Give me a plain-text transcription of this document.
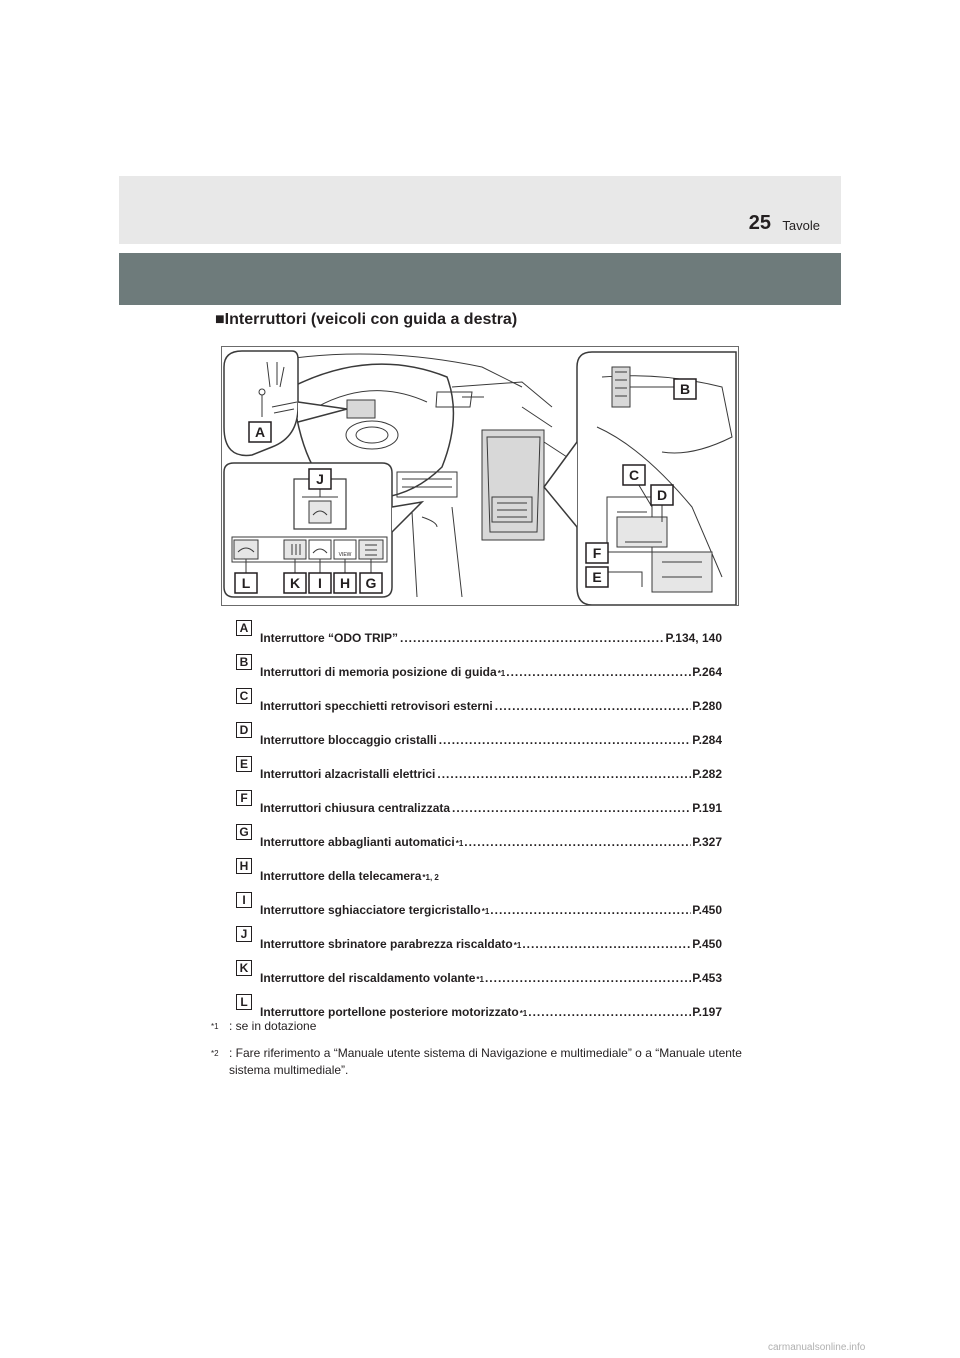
25 Tavole
■Interruttori (veicoli con guida a destra)
A
B
C
D
E
F
VIEW
J
L	K I H G
A
Interruttore “ODO TRIP” .....	P.134, 140
B
Interruttori di memoria posizione di guida *1 .....	P.264
C
Interruttori specchietti retrovisori esterni .....	P.280
D
Interruttore bloccaggio cristalli .....	P.284
E
Interruttori alzacristalli elettrici .....	P.282
F
Interruttori chiusura centralizzata .....	P.191
G
Interruttore abbaglianti automatici *1 .....	P.327
H
Interruttore della telecamera *1, 2
I
Interruttore sghiacciatore tergicristallo *1 .....	P.450
J
Interruttore sbrinatore parabrezza riscaldato *1 .....	P.450
K
Interruttore del riscaldamento volante *1 .....	P.453
L
Interruttore portellone posteriore motorizzato *1 .....	P.197
$^{*1}$ : se in dotazione
$^{*2}$ : Fare riferimento a “Manuale utente sistema di Navigazione e multimediale” o a “Manuale utente sistema multimediale”.
carmanualsonline.info
